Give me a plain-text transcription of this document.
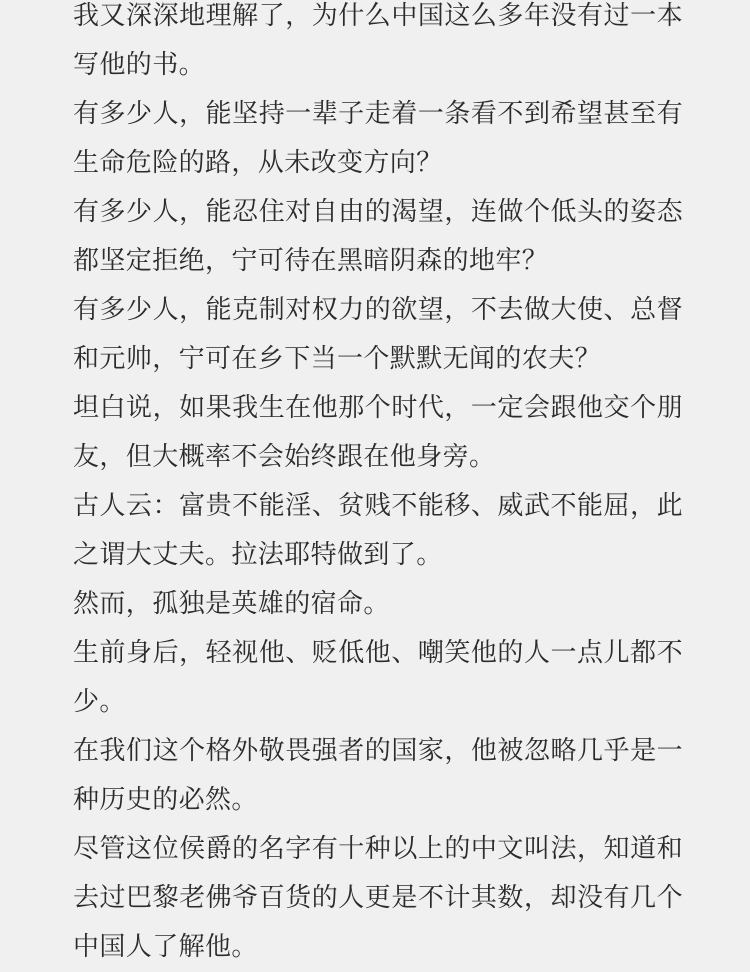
我又深深地理解了，为什么中国这么多年没有过一本写他的书。

有多少人，能坚持一辈子走着一条看不到希望甚至有生命危险的路，从未改变方向？

有多少人，能忍住对自由的渴望，连做个低头的姿态都坚定拒绝，宁可待在黑暗阴森的地牢？

有多少人，能克制对权力的欲望，不去做大使、总督和元帅，宁可在乡下当一个默默无闻的农夫？

坦白说，如果我生在他那个时代，一定会跟他交个朋友，但大概率不会始终跟在他身旁。

古人云：富贵不能淫、贫贱不能移、威武不能屈，此之谓大丈夫。拉法耶特做到了。

然而，孤独是英雄的宿命。

生前身后，轻视他、贬低他、嘲笑他的人一点儿都不少。

在我们这个格外敬畏强者的国家，他被忽略几乎是一种历史的必然。

尽管这位侯爵的名字有十种以上的中文叫法，知道和去过巴黎老佛爷百货的人更是不计其数，却没有几个中国人了解他。
